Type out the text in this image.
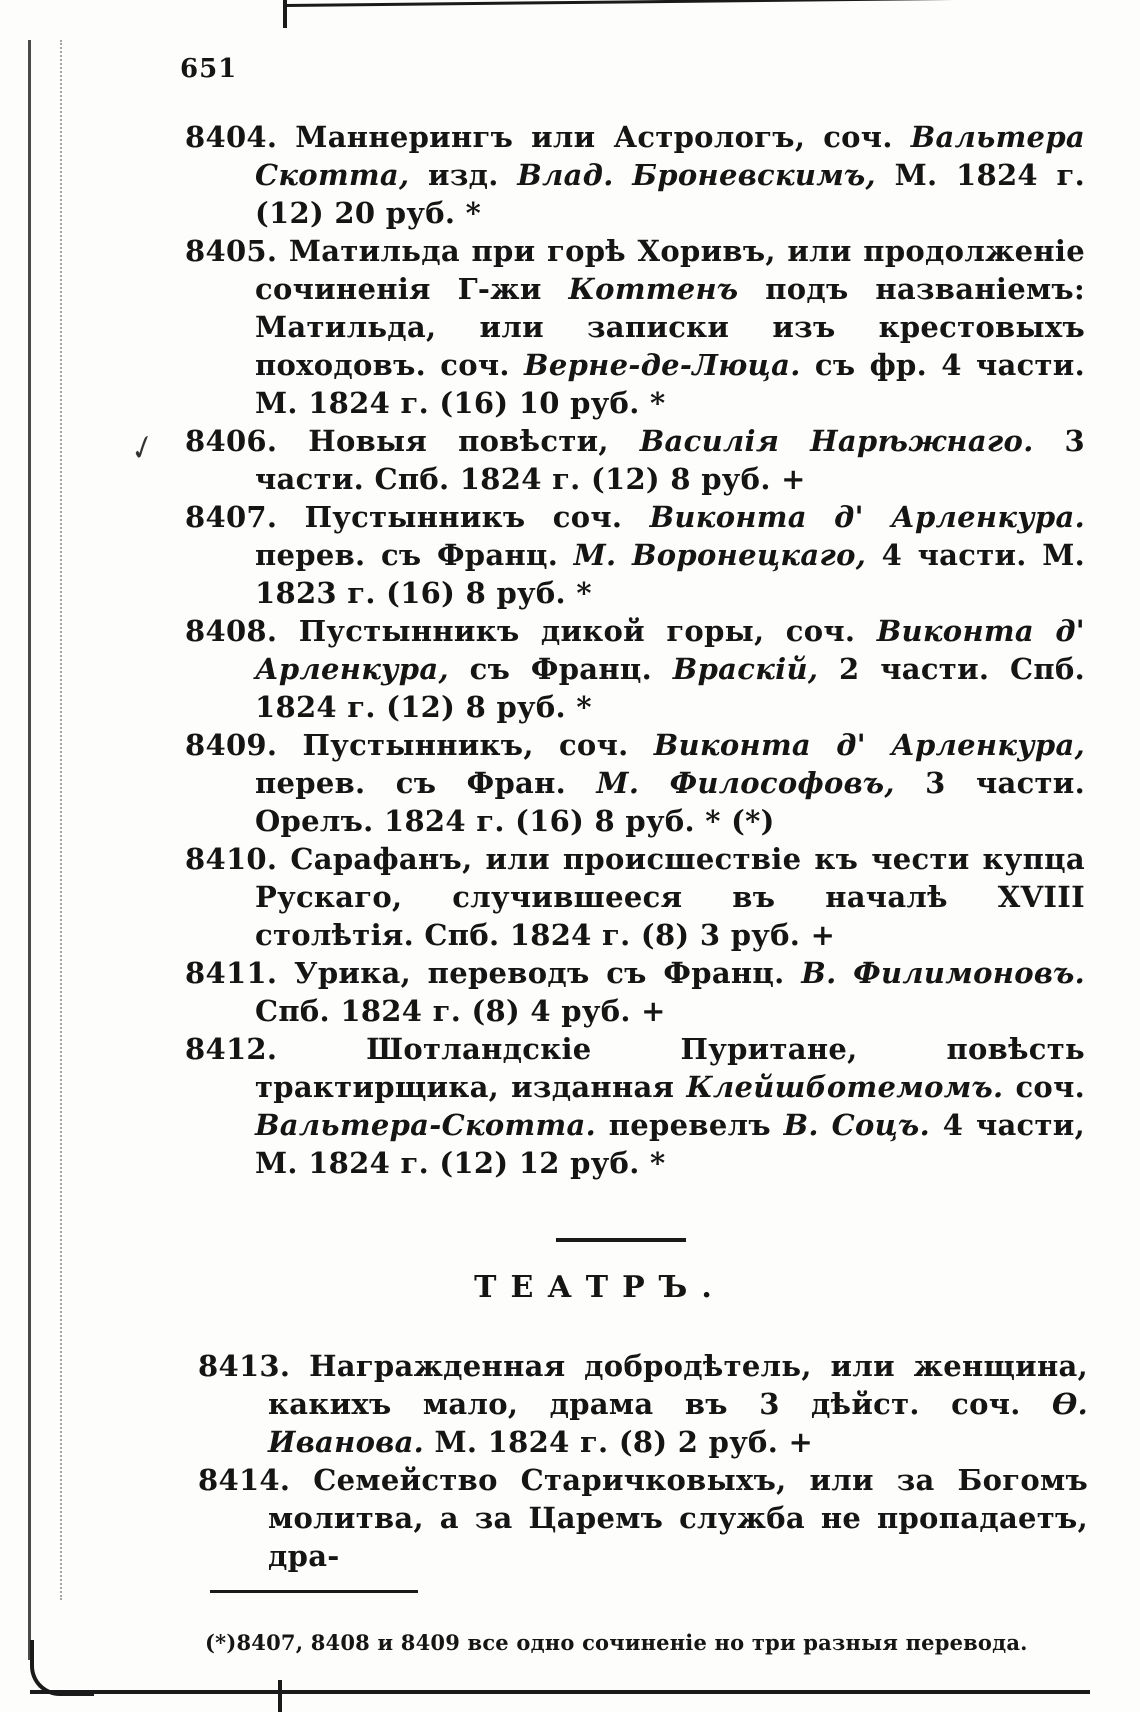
651
✓
8404. Маннерингъ или Астрологъ, соч. Вальтера Скотта, изд. Влад. Броневскимъ, М. 1824 г. (12) 20 руб. *
8405. Матильда при горѣ Хоривъ, или продолженіе сочиненія Г-жи Коттенъ подъ названіемъ: Матильда, или записки изъ крестовыхъ походовъ. соч. Верне-де-Люца. съ фр. 4 части. М. 1824 г. (16) 10 руб. *
8406. Новыя повѣсти, Василія Нарѣжнаго. 3 части. Спб. 1824 г. (12) 8 руб. +
8407. Пустынникъ соч. Виконта д' Арленкура. перев. съ Франц. М. Воронецкаго, 4 части. М. 1823 г. (16) 8 руб. *
8408. Пустынникъ дикой горы, соч. Виконта д' Арленкура, съ Франц. Враскій, 2 части. Спб. 1824 г. (12) 8 руб. *
8409. Пустынникъ, соч. Виконта д' Арленкура, перев. съ Фран. М. Философовъ, 3 части. Орелъ. 1824 г. (16) 8 руб. * (*)
8410. Сарафанъ, или происшествіе къ чести купца Рускаго, случившееся въ началѣ XVIII столѣтія. Спб. 1824 г. (8) 3 руб. +
8411. Урика, переводъ съ Франц. В. Филимоновъ. Спб. 1824 г. (8) 4 руб. +
8412.	Шотландскіе Пуритане, повѣсть трактирщика, изданная Клейшботемомъ. соч. Вальтера-Скотта. перевелъ В. Соцъ. 4 части, М. 1824 г. (12) 12 руб. *
ТЕАТРЪ.
8413. Награжденная добродѣтель, или женщина, какихъ мало, драма въ 3 дѣйст. соч. Ѳ. Иванова. М. 1824 г. (8) 2 руб. +
8414. Семейство Старичковыхъ, или за Богомъ молитва, а за Царемъ служба не пропадаетъ, дра-
(*)8407, 8408 и 8409 все одно сочиненіе но три разныя перевода.
